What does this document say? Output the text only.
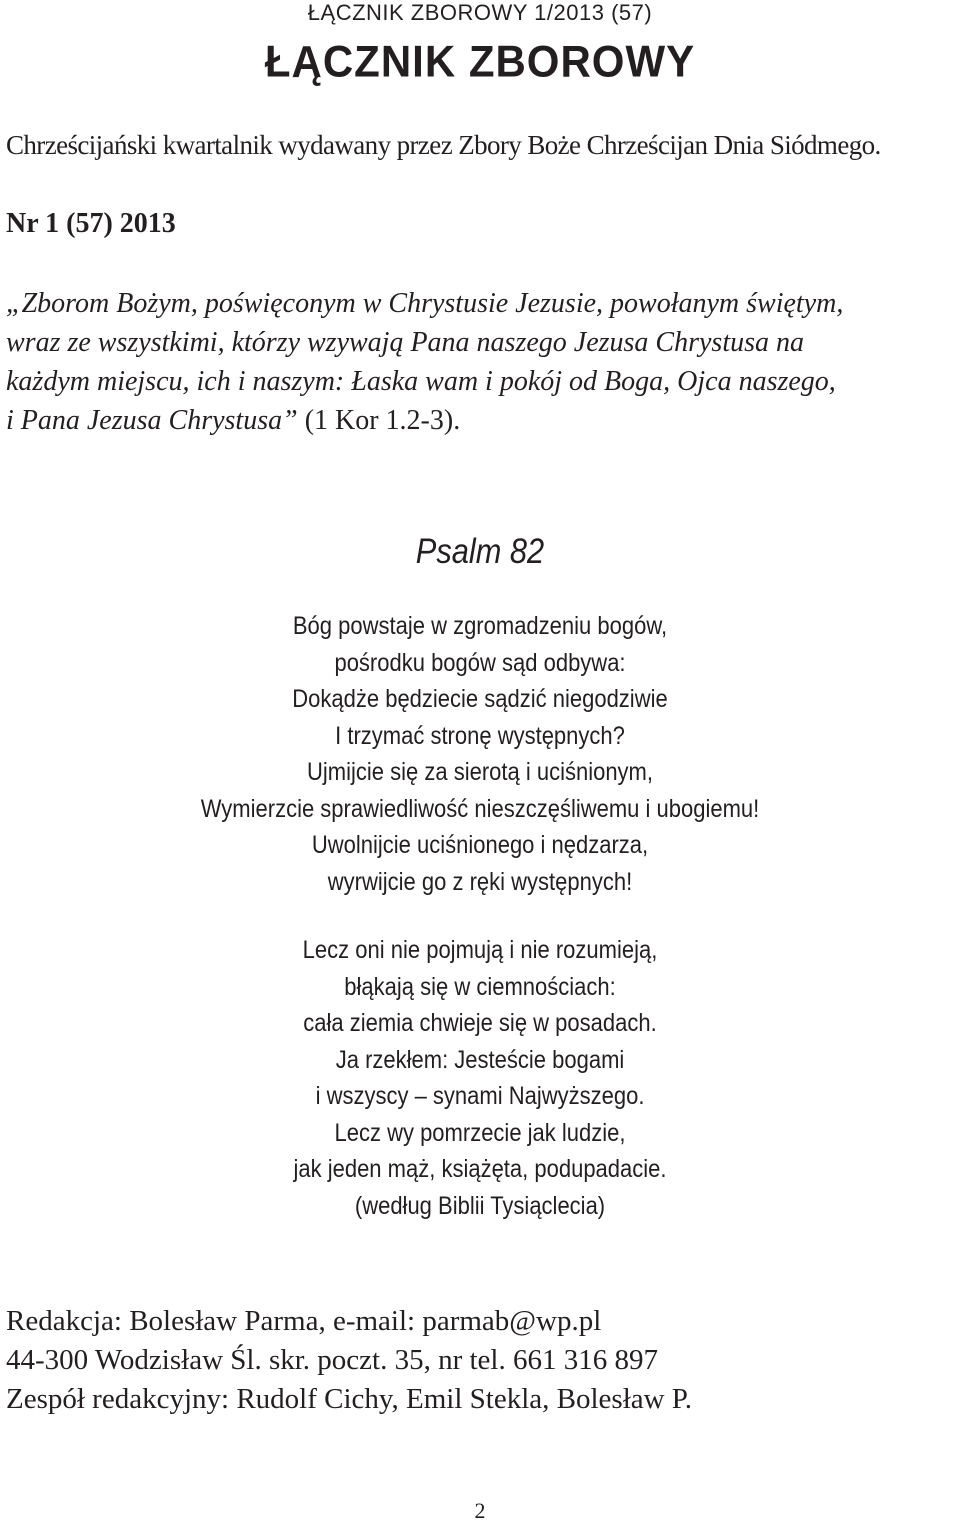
ŁĄCZNIK ZBOROWY 1/2013 (57)
ŁĄCZNIK ZBOROWY
Chrześcijański kwartalnik wydawany przez Zbory Boże Chrześcijan Dnia Siódmego.
Nr 1 (57) 2013
„Zborom Bożym, poświęconym w Chrystusie Jezusie, powołanym świętym,
wraz ze wszystkimi, którzy wzywają Pana naszego Jezusa Chrystusa na
każdym miejscu, ich i naszym: Łaska wam i pokój od Boga, Ojca naszego,
i Pana Jezusa Chrystusa” (1 Kor 1.2-3).
Psalm 82
Bóg powstaje w zgromadzeniu bogów,
pośrodku bogów sąd odbywa:
Dokądże będziecie sądzić niegodziwie
I trzymać stronę występnych?
Ujmijcie się za sierotą i uciśnionym,
Wymierzcie sprawiedliwość nieszczęśliwemu i ubogiemu!
Uwolnijcie uciśnionego i nędzarza,
wyrwijcie go z ręki występnych!
Lecz oni nie pojmują i nie rozumieją,
błąkają się w ciemnościach:
cała ziemia chwieje się w posadach.
Ja rzekłem: Jesteście bogami
i wszyscy – synami Najwyższego.
Lecz wy pomrzecie jak ludzie,
jak jeden mąż, książęta, podupadacie.
(według Biblii Tysiąclecia)
Redakcja: Bolesław Parma, e-mail: parmab@wp.pl
44-300 Wodzisław Śl. skr. poczt. 35, nr tel. 661 316 897
Zespół redakcyjny: Rudolf Cichy, Emil Stekla, Bolesław P.
2
